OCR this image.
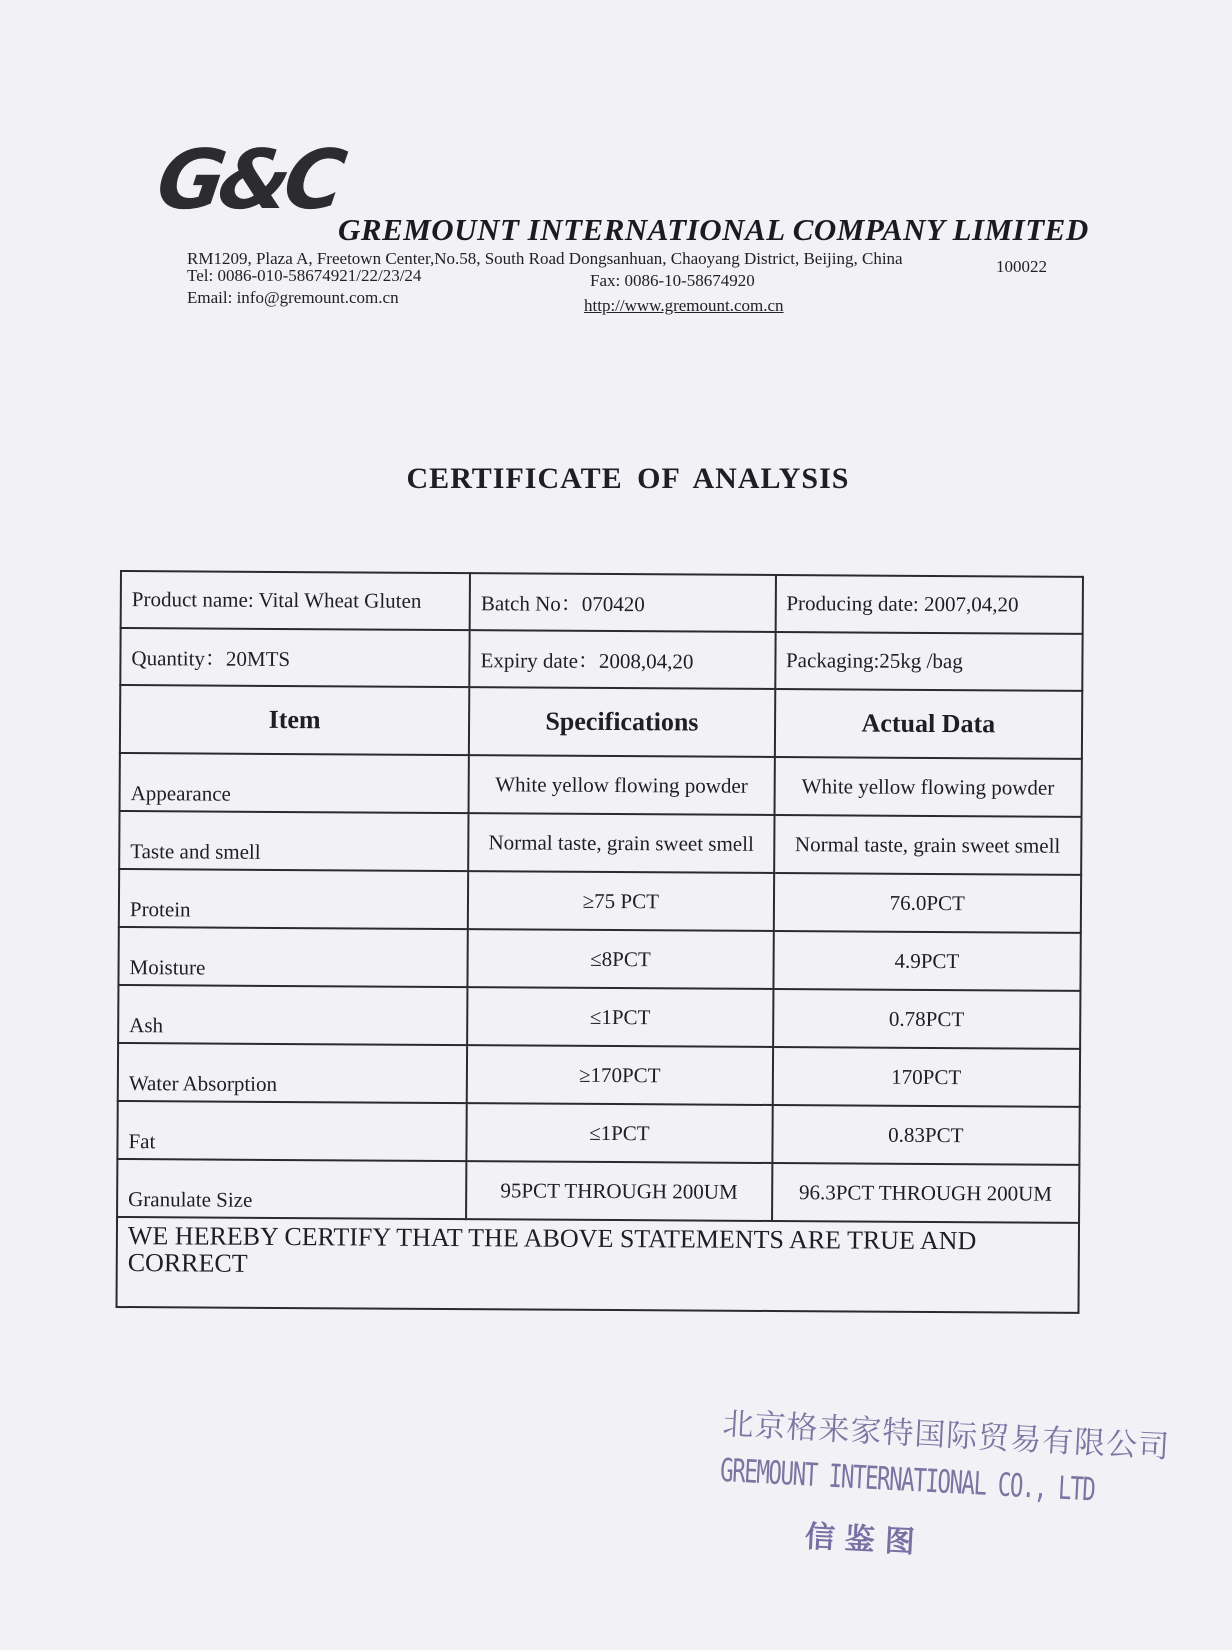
G&C
GREMOUNT INTERNATIONAL COMPANY LIMITED
RM1209, Plaza A, Freetown Center,No.58, South Road Dongsanhuan, Chaoyang District, Beijing, China	100022
Tel: 0086-010-58674921/22/23/24	Fax: 0086-10-58674920
Email: info@gremount.com.cn	http://www.gremount.com.cn
CERTIFICATE OF ANALYSIS
Product name: Vital Wheat Gluten	Batch No：070420	Producing date: 2007,04,20
Quantity：20MTS	Expiry date：2008,04,20	Packaging:25kg /bag
Item	Specifications	Actual Data
Appearance	White yellow flowing powder	White yellow flowing powder
Taste and smell	Normal taste, grain sweet smell	Normal taste, grain sweet smell
Protein	≥75 PCT	76.0PCT
Moisture	≤8PCT	4.9PCT
Ash	≤1PCT	0.78PCT
Water Absorption	≥170PCT	170PCT
Fat	≤1PCT	0.83PCT
Granulate Size	95PCT THROUGH 200UM	96.3PCT THROUGH 200UM
WE HEREBY CERTIFY THAT THE ABOVE STATEMENTS ARE TRUE AND CORRECT		
北京格来家特国际贸易有限公司
GREMOUNT INTERNATIONAL CO., LTD
信鉴图
